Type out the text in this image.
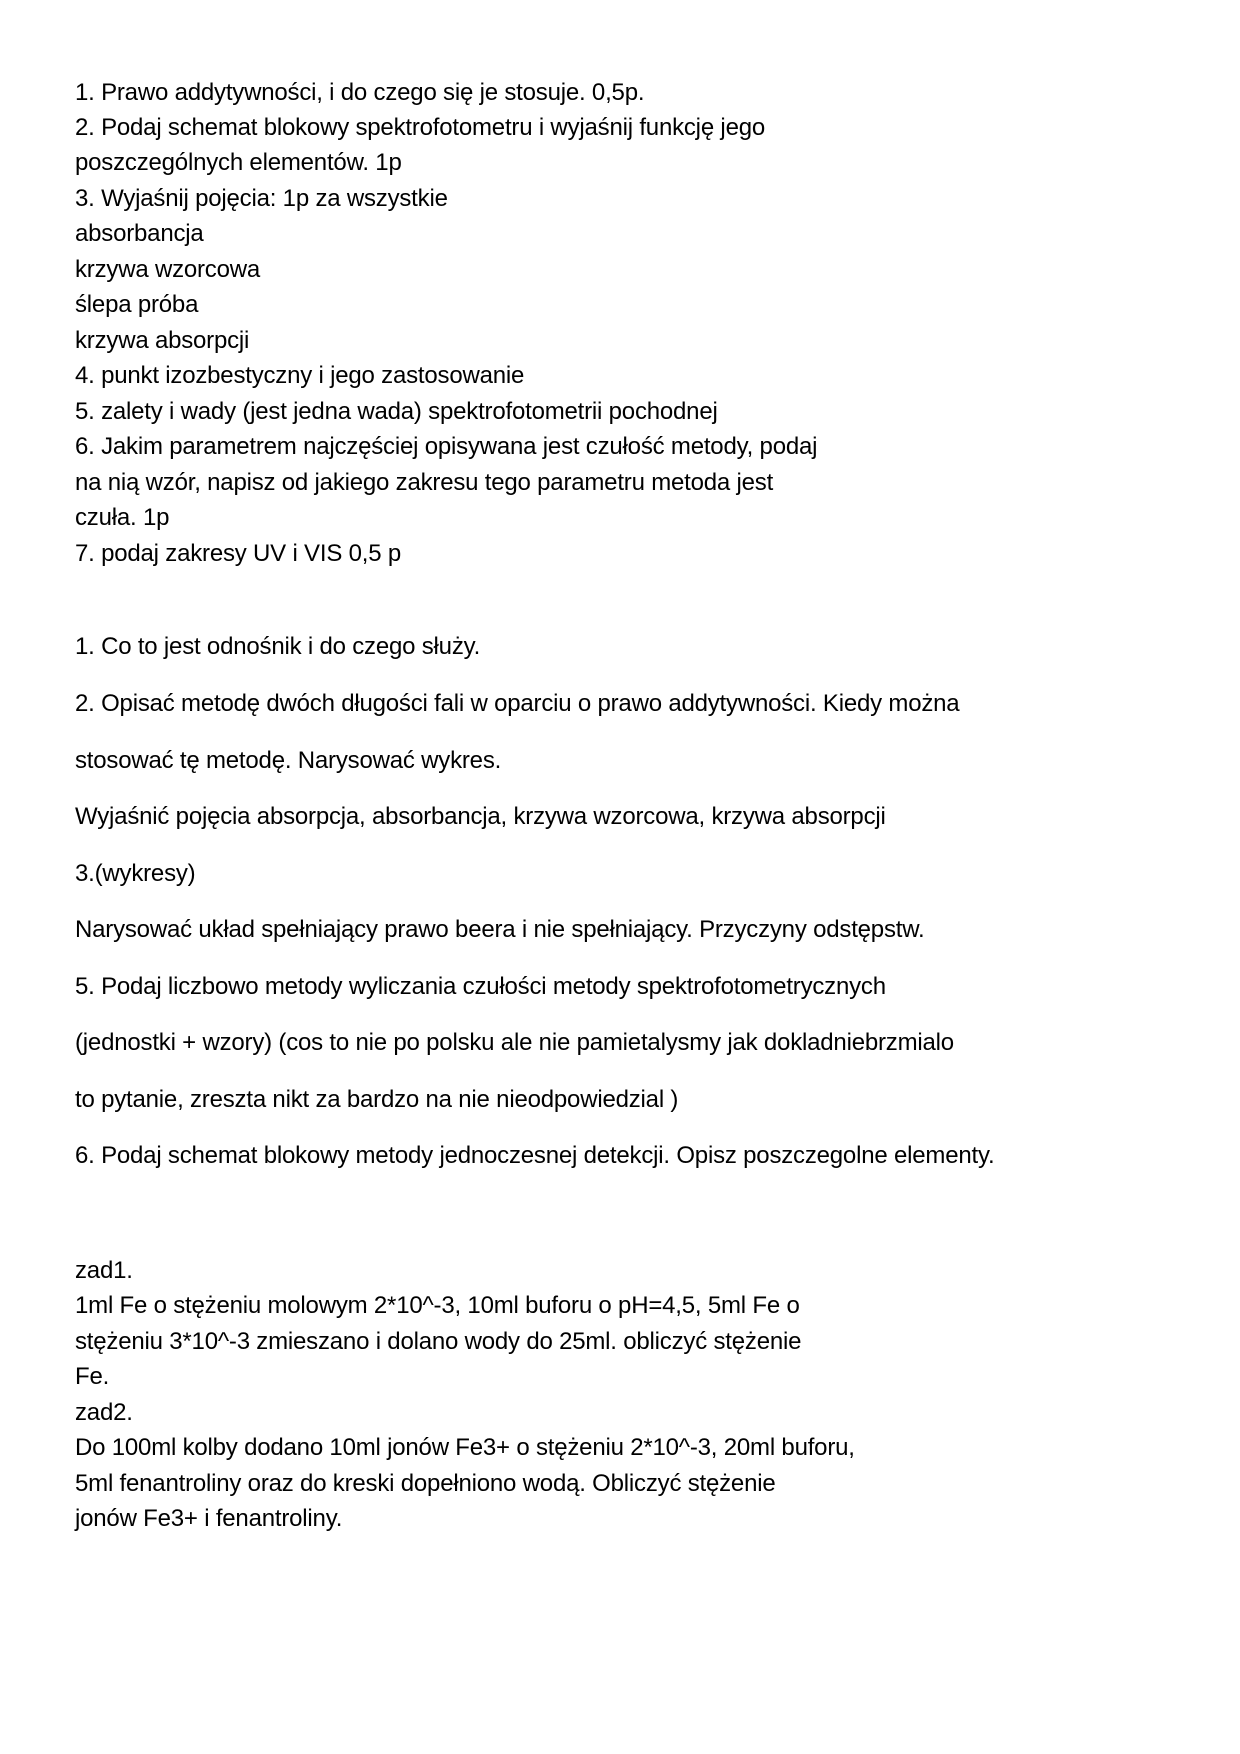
1. Prawo addytywności, i do czego się je stosuje. 0,5p.
2. Podaj schemat blokowy spektrofotometru i wyjaśnij funkcję jego
poszczególnych elementów. 1p
3. Wyjaśnij pojęcia: 1p za wszystkie
absorbancja
krzywa wzorcowa
ślepa próba
krzywa absorpcji
4. punkt izozbestyczny i jego zastosowanie
5. zalety i wady (jest jedna wada) spektrofotometrii pochodnej
6. Jakim parametrem najczęściej opisywana jest czułość metody, podaj
na nią wzór, napisz od jakiego zakresu tego parametru metoda jest
czuła. 1p
7. podaj zakresy UV i VIS 0,5 p
1. Co to jest odnośnik i do czego służy.
2. Opisać metodę dwóch długości fali w oparciu o prawo addytywności. Kiedy można
stosować tę metodę. Narysować wykres.
Wyjaśnić pojęcia absorpcja, absorbancja, krzywa wzorcowa, krzywa absorpcji
3.(wykresy)
Narysować układ spełniający prawo beera i nie spełniający. Przyczyny odstępstw.
5. Podaj liczbowo metody wyliczania czułości metody spektrofotometrycznych
(jednostki + wzory) (cos to nie po polsku ale nie pamietalysmy jak dokladniebrzmialo
to pytanie, zreszta nikt za bardzo na nie nieodpowiedzial )
6. Podaj schemat blokowy metody jednoczesnej detekcji. Opisz poszczegolne elementy.
zad1.
1ml Fe o stężeniu molowym 2*10^-3, 10ml buforu o pH=4,5, 5ml Fe o
stężeniu 3*10^-3 zmieszano i dolano wody do 25ml. obliczyć stężenie
Fe.
zad2.
Do 100ml kolby dodano 10ml jonów Fe3+ o stężeniu 2*10^-3, 20ml buforu,
5ml fenantroliny oraz do kreski dopełniono wodą. Obliczyć stężenie
jonów Fe3+ i fenantroliny.
